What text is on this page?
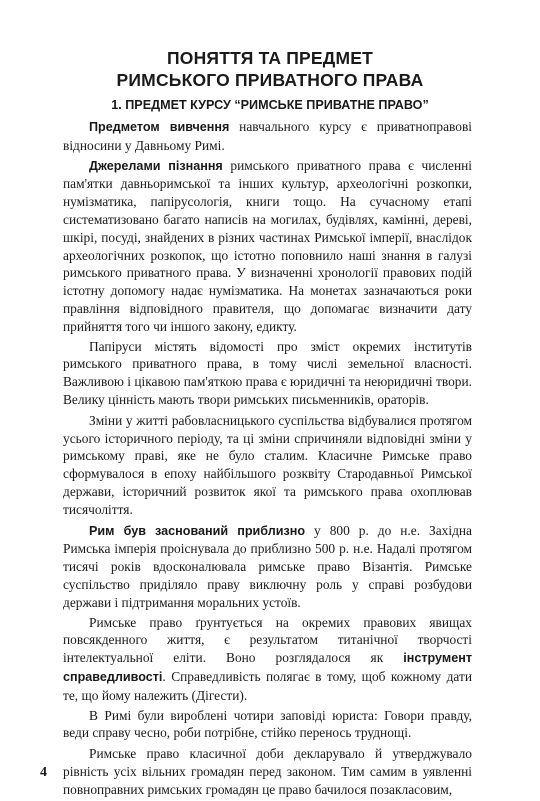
ПОНЯТТЯ ТА ПРЕДМЕТ
РИМСЬКОГО ПРИВАТНОГО ПРАВА
1. ПРЕДМЕТ КУРСУ “РИМСЬКЕ ПРИВАТНЕ ПРАВО”

Предметом вивчення навчального курсу є приватноправові відносини у Давньому Римі.

Джерелами пізнання римського приватного права є численні пам'ятки давньоримської та інших культур, археологічні розкопки, нумізматика, папірусологія, книги тощо. На сучасному етапі систематизовано багато написів на могилах, будівлях, камінні, дереві, шкірі, посуді, знайдених в різних частинах Римської імперії, внаслідок археологічних розкопок, що істотно поповнило наші знання в галузі римського приватного права. У визначенні хронології правових подій істотну допомогу надає нумізматика. На монетах зазначаються роки правління відповідного правителя, що допомагає визначити дату прийняття того чи іншого закону, едикту.

Папіруси містять відомості про зміст окремих інститутів римського приватного права, в тому числі земельної власності. Важливою і цікавою пам'яткою права є юридичні та неюридичні твори. Велику цінність мають твори римських письменників, ораторів.

Зміни у житті рабовласницького суспільства відбувалися протягом усього історичного періоду, та ці зміни спричиняли відповідні зміни у римському праві, яке не було сталим. Класичне Римське право сформувалося в епоху найбільшого розквіту Стародавньої Римської держави, історичний розвиток якої та римського права охоплював тисячоліття.

Рим був заснований приблизно у 800 р. до н.е. Західна Римська імперія проіснувала до приблизно 500 р. н.е. Надалі протягом тисячі років вдосконалювала римське право Візантія. Римське суспільство приділяло праву виключну роль у справі розбудови держави і підтримання моральних устоїв.

Римське право ґрунтується на окремих правових явищах повсякденного життя, є результатом титанічної творчості інтелектуальної еліти. Воно розглядалося як інструмент справедливості. Справедливість полягає в тому, щоб кожному дати те, що йому належить (Дігести).

В Римі були вироблені чотири заповіді юриста: Говори правду, веди справу чесно, роби потрібне, стійко перенось труднощі.

Римське право класичної доби декларувало й утверджувало рівність усіх вільних громадян перед законом. Тим самим в уявленні повноправних римських громадян це право бачилося позакласовим,

4
